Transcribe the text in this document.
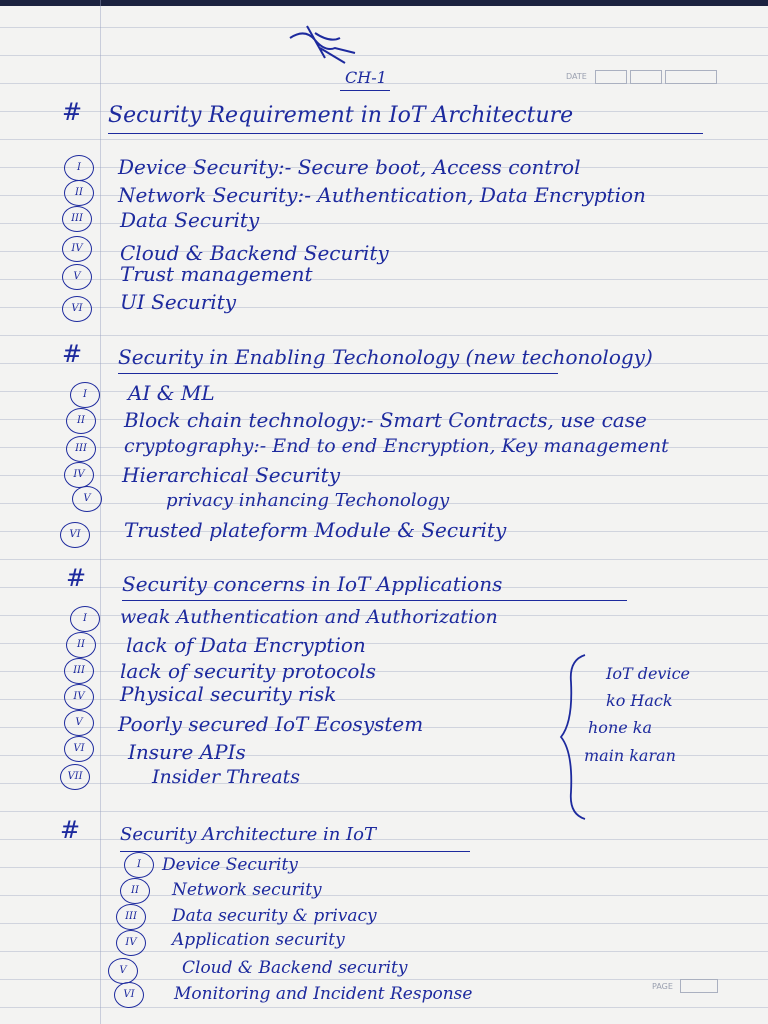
CH-1	DATE
# Security Requirement in IoT Architecture
I	Device Security:- Secure boot, Access control
II	Network Security:- Authentication, Data Encryption
III	Data Security
IV	Cloud & Backend Security
V	Trust management
VI	UI Security
# Security in Enabling Techonology (new techonology)
I	AI & ML
II	Block chain technology:- Smart Contracts, use case
III	cryptography:- End to end Encryption, Key management
IV	Hierarchical Security
V	privacy inhancing Techonology
VI	Trusted plateform Module & Security
# Security concerns in IoT Applications
I	weak Authentication and Authorization
II	lack of Data Encryption
III	lack of security protocols
IV	Physical security risk
V	Poorly secured IoT Ecosystem
VI	Insure APIs
VII	Insider Threats
IoT device
ko Hack
hone ka
main karan
# Security Architecture in IoT
I	Device Security
II	Network security
III	Data security & privacy
IV	Application security
V	Cloud & Backend security
VI	Monitoring and Incident Response	PAGE
